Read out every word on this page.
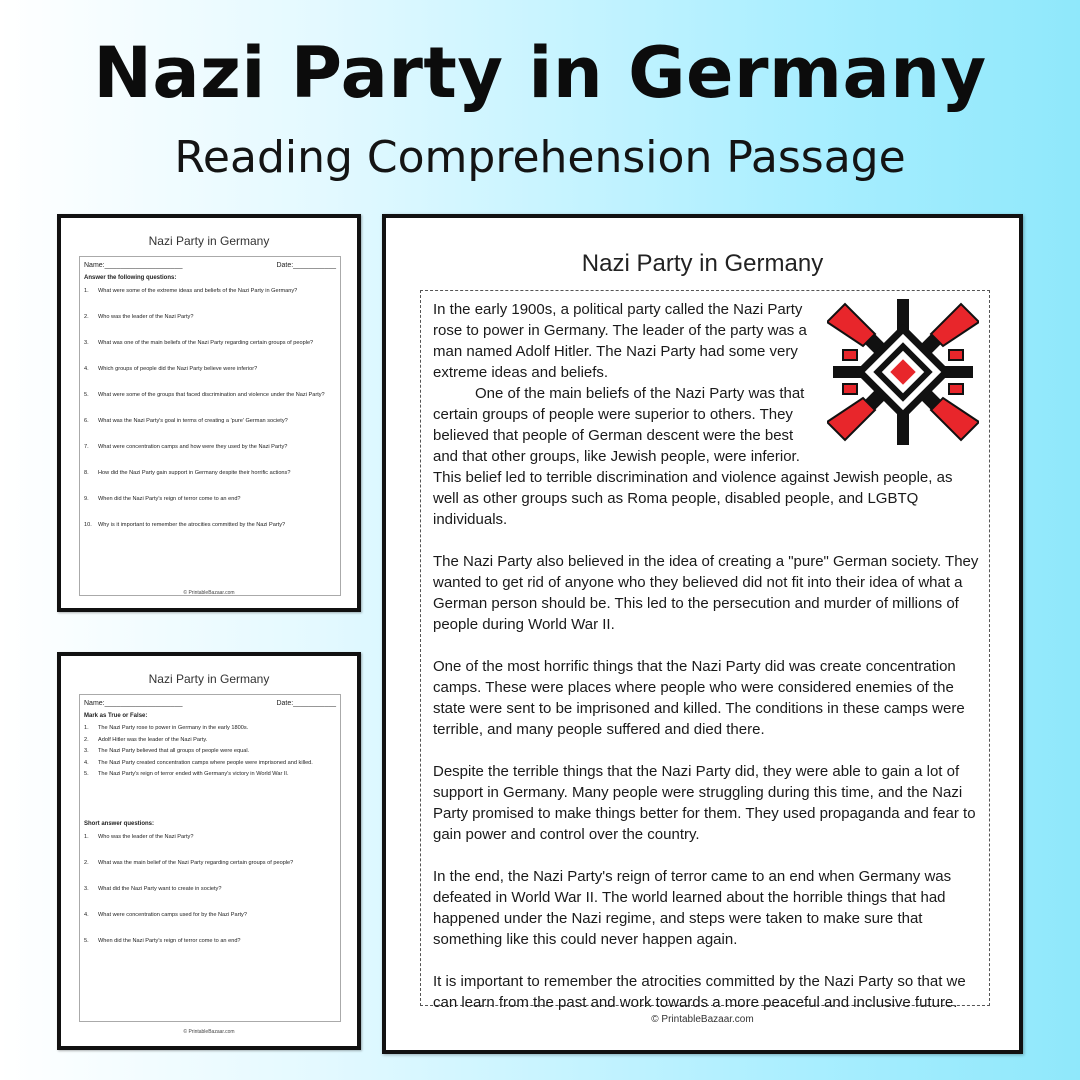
Nazi Party in Germany
Reading Comprehension Passage
Nazi Party in Germany
Name:____________________	Date:___________
Answer the following questions:
1.	What were some of the extreme ideas and beliefs of the Nazi Party in Germany?
2.	Who was the leader of the Nazi Party?
3.	What was one of the main beliefs of the Nazi Party regarding certain groups of people?
4.	Which groups of people did the Nazi Party believe were inferior?
5.	What were some of the groups that faced discrimination and violence under the Nazi Party?
6.	What was the Nazi Party's goal in terms of creating a 'pure' German society?
7.	What were concentration camps and how were they used by the Nazi Party?
8.	How did the Nazi Party gain support in Germany despite their horrific actions?
9.	When did the Nazi Party's reign of terror come to an end?
10.	Why is it important to remember the atrocities committed by the Nazi Party?
© PrintableBazaar.com
Nazi Party in Germany
Name:____________________	Date:___________
Mark as True or False:
1.	The Nazi Party rose to power in Germany in the early 1800s.
2.	Adolf Hitler was the leader of the Nazi Party.
3.	The Nazi Party believed that all groups of people were equal.
4.	The Nazi Party created concentration camps where people were imprisoned and killed.
5.	The Nazi Party's reign of terror ended with Germany's victory in World War II.
Short answer questions:
1.	Who was the leader of the Nazi Party?
2.	What was the main belief of the Nazi Party regarding certain groups of people?
3.	What did the Nazi Party want to create in society?
4.	What were concentration camps used for by the Nazi Party?
5.	When did the Nazi Party's reign of terror come to an end?
© PrintableBazaar.com
Nazi Party in Germany

In the early 1900s, a political party called the Nazi Party rose to power in Germany. The leader of the party was a man named Adolf Hitler. The Nazi Party had some very extreme ideas and beliefs.

One of the main beliefs of the Nazi Party was that certain groups of people were superior to others. They believed that people of German descent were the best and that other groups, like Jewish people, were inferior. This belief led to terrible discrimination and violence against Jewish people, as well as other groups such as Roma people, disabled people, and LGBTQ individuals.

The Nazi Party also believed in the idea of creating a "pure" German society. They wanted to get rid of anyone who they believed did not fit into their idea of what a German person should be. This led to the persecution and murder of millions of people during World War II.

One of the most horrific things that the Nazi Party did was create concentration camps. These were places where people who were considered enemies of the state were sent to be imprisoned and killed. The conditions in these camps were terrible, and many people suffered and died there.

Despite the terrible things that the Nazi Party did, they were able to gain a lot of support in Germany. Many people were struggling during this time, and the Nazi Party promised to make things better for them. They used propaganda and fear to gain power and control over the country.

In the end, the Nazi Party's reign of terror came to an end when Germany was defeated in World War II. The world learned about the horrible things that had happened under the Nazi regime, and steps were taken to make sure that something like this could never happen again.

It is important to remember the atrocities committed by the Nazi Party so that we can learn from the past and work towards a more peaceful and inclusive future.

© PrintableBazaar.com
